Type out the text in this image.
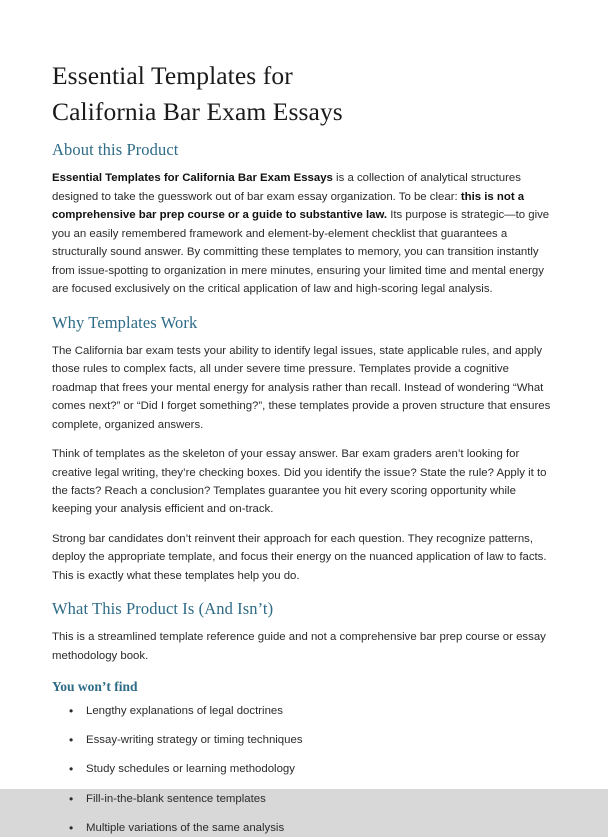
Essential Templates for
California Bar Exam Essays
About this Product

Essential Templates for California Bar Exam Essays is a collection of analytical structures designed to take the guesswork out of bar exam essay organization. To be clear: this is not a comprehensive bar prep course or a guide to substantive law. Its purpose is strategic—to give you an easily remembered framework and element-by-element checklist that guarantees a structurally sound answer. By committing these templates to memory, you can transition instantly from issue-spotting to organization in mere minutes, ensuring your limited time and mental energy are focused exclusively on the critical application of law and high-scoring legal analysis.

Why Templates Work

The California bar exam tests your ability to identify legal issues, state applicable rules, and apply those rules to complex facts, all under severe time pressure. Templates provide a cognitive roadmap that frees your mental energy for analysis rather than recall. Instead of wondering “What comes next?” or “Did I forget something?”, these templates provide a proven structure that ensures complete, organized answers.

Think of templates as the skeleton of your essay answer. Bar exam graders aren’t looking for creative legal writing, they’re checking boxes. Did you identify the issue? State the rule? Apply it to the facts? Reach a conclusion? Templates guarantee you hit every scoring opportunity while keeping your analysis efficient and on-track.

Strong bar candidates don’t reinvent their approach for each question. They recognize patterns, deploy the appropriate template, and focus their energy on the nuanced application of law to facts. This is exactly what these templates help you do.

What This Product Is (And Isn’t)

This is a streamlined template reference guide and not a comprehensive bar prep course or essay methodology book.

You won’t find
• Lengthy explanations of legal doctrines
• Essay-writing strategy or timing techniques
• Study schedules or learning methodology
• Fill-in-the-blank sentence templates
• Multiple variations of the same analysis
